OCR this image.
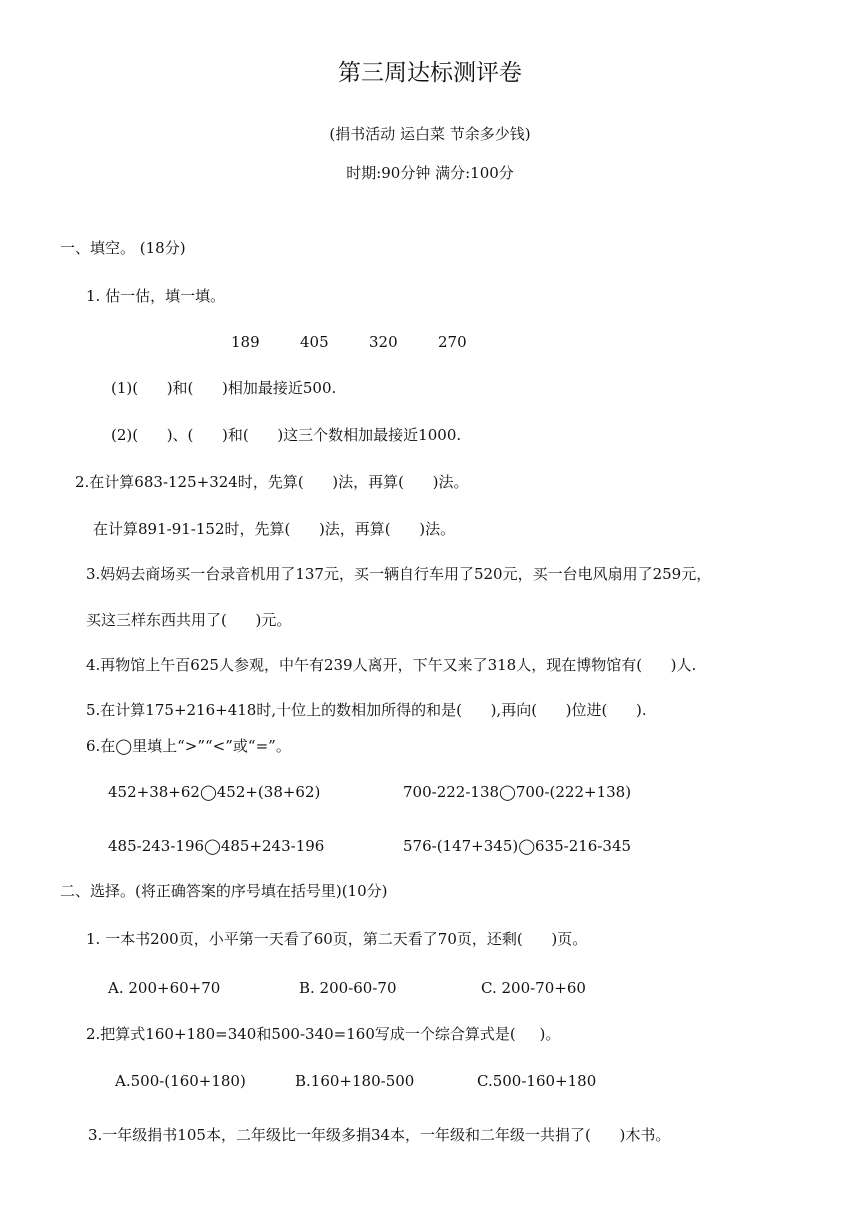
第三周达标测评卷
(捐书活动 运白菜 节余多少钱)
时期:90分钟 满分:100分
一、填空。 (18分)
1. 估一估，填一填。
189	405	320	270
(1)(      )和(      )相加最接近500.
(2)(      )、(      )和(      )这三个数相加最接近1000.
2.在计算683-125+324时，先算(      )法，再算(      )法。
在计算891-91-152时，先算(      )法，再算(      )法。
3.妈妈去商场买一台录音机用了137元，买一辆自行车用了520元，买一台电风扇用了259元，
买这三样东西共用了(      )元。
4.再物馆上午百625人参观，中午有239人离开，下午又来了318人，现在博物馆有(      )人.
5.在计算175+216+418时,十位上的数相加所得的和是(      ),再向(      )位进(      ).
6.在◯里填上“>”“<”或“=”。
452+38+62◯452+(38+62)	700-222-138◯700-(222+138)
485-243-196◯485+243-196	576-(147+345)◯635-216-345
二、选择。(将正确答案的序号填在括号里)(10分)
1. 一本书200页，小平第一天看了60页，第二天看了70页，还剩(      )页。
A. 200+60+70	B. 200-60-70	C. 200-70+60
2.把算式160+180=340和500-340=160写成一个综合算式是(     )。
A.500-(160+180)	B.160+180-500	C.500-160+180
3.一年级捐书105本，二年级比一年级多捐34本，一年级和二年级一共捐了(      )木书。
